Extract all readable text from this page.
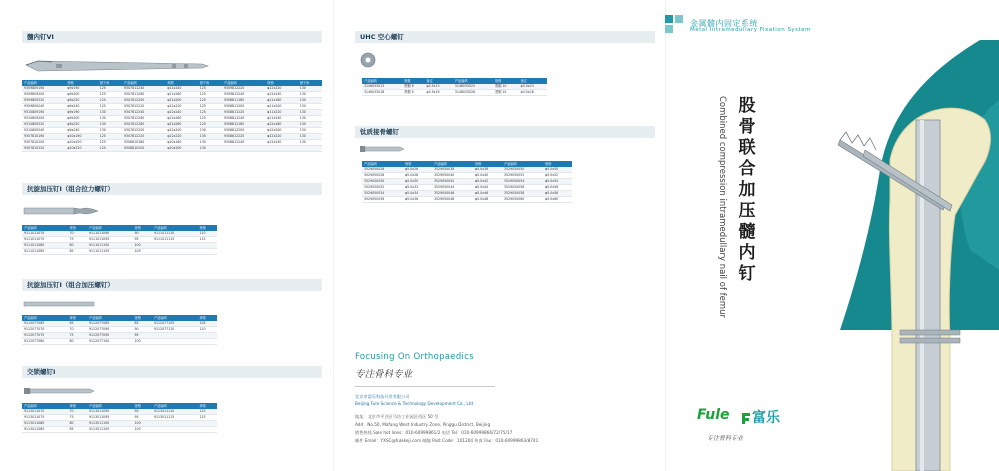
髓内钉VI
产品编码	规格	颈干角	产品编码	规格	颈干角	产品编码	规格	颈干角
9309809190	φ9x190	125	9307811240	φ11x240	125	9309812220	φ12x220	130
9309809200	φ9x200	125	9307811260	φ11x260	125	9309812240	φ12x240	130
9309809220	φ9x220	125	9307812200	φ12x200	125	9308811180	φ11x180	130
9309809240	φ9x240	125	9307812220	φ12x220	125	9308811200	φ11x200	130
9310809190	φ9x190	130	9307812240	φ12x240	125	9308811220	φ11x220	130
9310809200	φ9x200	130	9307812260	φ12x260	125	9308811240	φ11x240	130
9310809220	φ9x220	130	9307812280	φ12x280	125	9308812180	φ12x180	130
9310809240	φ9x240	130	9307812200	φ12x200	130	9308812200	φ12x200	130
9307810190	φ10x190	125	9307812220	φ12x220	130	9308812220	φ12x220	130
9307810200	φ10x200	125	9308810180	φ10x180	130	9308812240	φ12x240	130
9307810220	φ10x220	125	9308810200	φ10x200	130			
抗旋加压钉Ⅰ（组合拉力螺钉）
产品编码	规格	产品编码	规格	产品编码	规格
9111011070	70	9111011090	90	9111011110	110
9111011075	75	9111011095	95	9111011115	115
9111011080	80	9111011100	100		
9111011085	85	9111011105	105		
抗旋加压钉Ⅰ（组合加压螺钉）
产品编码	规格	产品编码	规格	产品编码	规格
9112077065	65	9112077085	85	9112077105	105
9112077070	70	9112077090	90	9112077110	110
9112077075	75	9112077095	95		
9112077080	80	9112077100	100		
交锁螺钉Ⅰ
产品编码	规格	产品编码	规格	产品编码	规格
9113011070	70	9113011090	90	9113011110	110
9113011075	75	9113011095	95	9113011115	115
9113011080	80	9113011100	100		
9113011085	85	9113011105	105		
UHC 空心螺钉
产品编码	规格	备注	产品编码	规格	备注
3146033013	黑帽 8	φ3.5x13	3146035023	黑帽 10	φ3.5x23
3146033018	黑帽 9	φ3.5x19	3146035028	黑帽 15	φ3.5x28
钛质接骨螺钉
产品编码	规格	产品编码	规格	产品编码	规格
3529050026	φ5.0x26	3529050038	φ5.0x38	3529050050	φ5.0x50
3529050028	φ5.0x28	3529050040	φ5.0x40	3529050052	φ5.0x52
3529050030	φ5.0x30	3529050042	φ5.0x42	3529050054	φ5.0x54
3529050032	φ5.0x32	3529050044	φ5.0x44	3529050056	φ5.0x56
3529050034	φ5.0x34	3529050046	φ5.0x46	3529050058	φ5.0x58
3529050036	φ5.0x36	3529050048	φ5.0x48	3529050060	φ5.0x60
Focusing On Orthopaedics
专注骨科专业
北京市富乐科技开发有限公司
Beijing Fule Science & Technology Development Co., Ltd
地址：北京市平谷区马坊工业园区西区 50 号
Add：No.50, Mafang West Industry Zone, Pinggu District, Beijing
销售热线 Sale hot lines：010-60999861/2 电话 Tel：010-60999866/72/75/17
邮件 Email：YXSC@fulekeji.com 邮编 Post Code：101204 传真 Fax：010-60999863/8741
金属髓内固定系统
Metal Intramedullary Fixation System
股
骨
联
合
加
压
髓
内
钉
Combined compression intramedullary nail of femur
Fule 富乐
专注骨科专业
